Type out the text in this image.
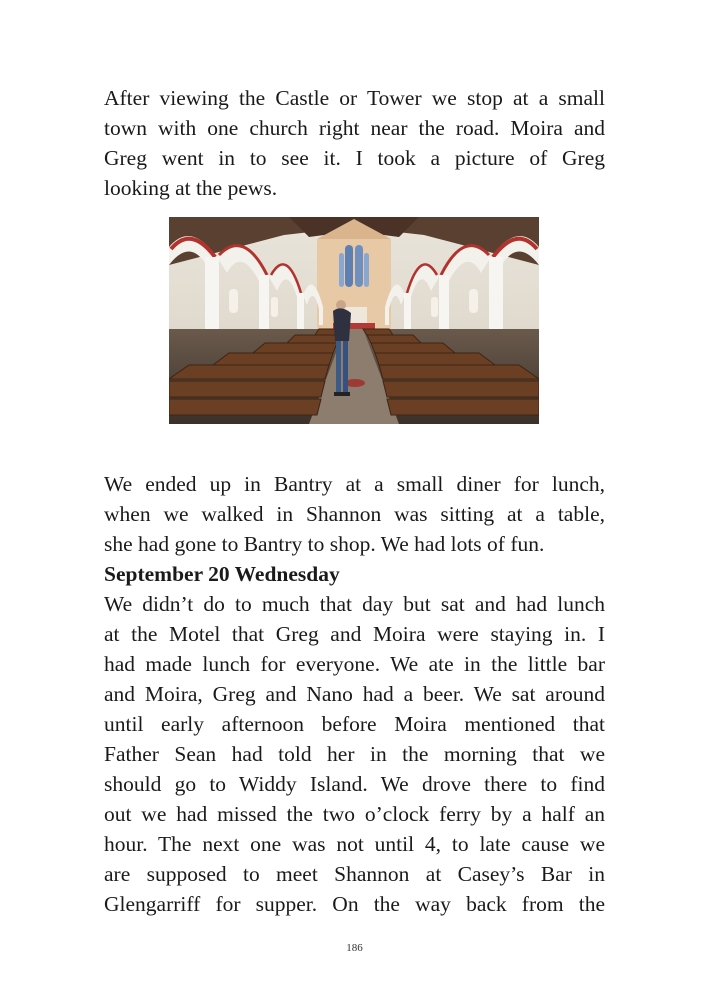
After viewing the Castle or Tower we stop at a small
town with one church right near the road. Moira and
Greg went in to see it. I took a picture of Greg
looking at the pews.
We ended up in Bantry at a small diner for lunch,
when we walked in Shannon was sitting at a table,
she had gone to Bantry to shop. We had lots of fun.
September 20 Wednesday
We didn’t do to much that day but sat and had lunch
at the Motel that Greg and Moira were staying in. I
had made lunch for everyone. We ate in the little bar
and Moira, Greg and Nano had a beer. We sat around
until early afternoon before Moira mentioned that
Father Sean had told her in the morning that we
should go to Widdy Island. We drove there to find
out we had missed the two o’clock ferry by a half an
hour. The next one was not until 4, to late cause we
are supposed to meet Shannon at Casey’s Bar in
Glengarriff for supper. On the way back from the
186
